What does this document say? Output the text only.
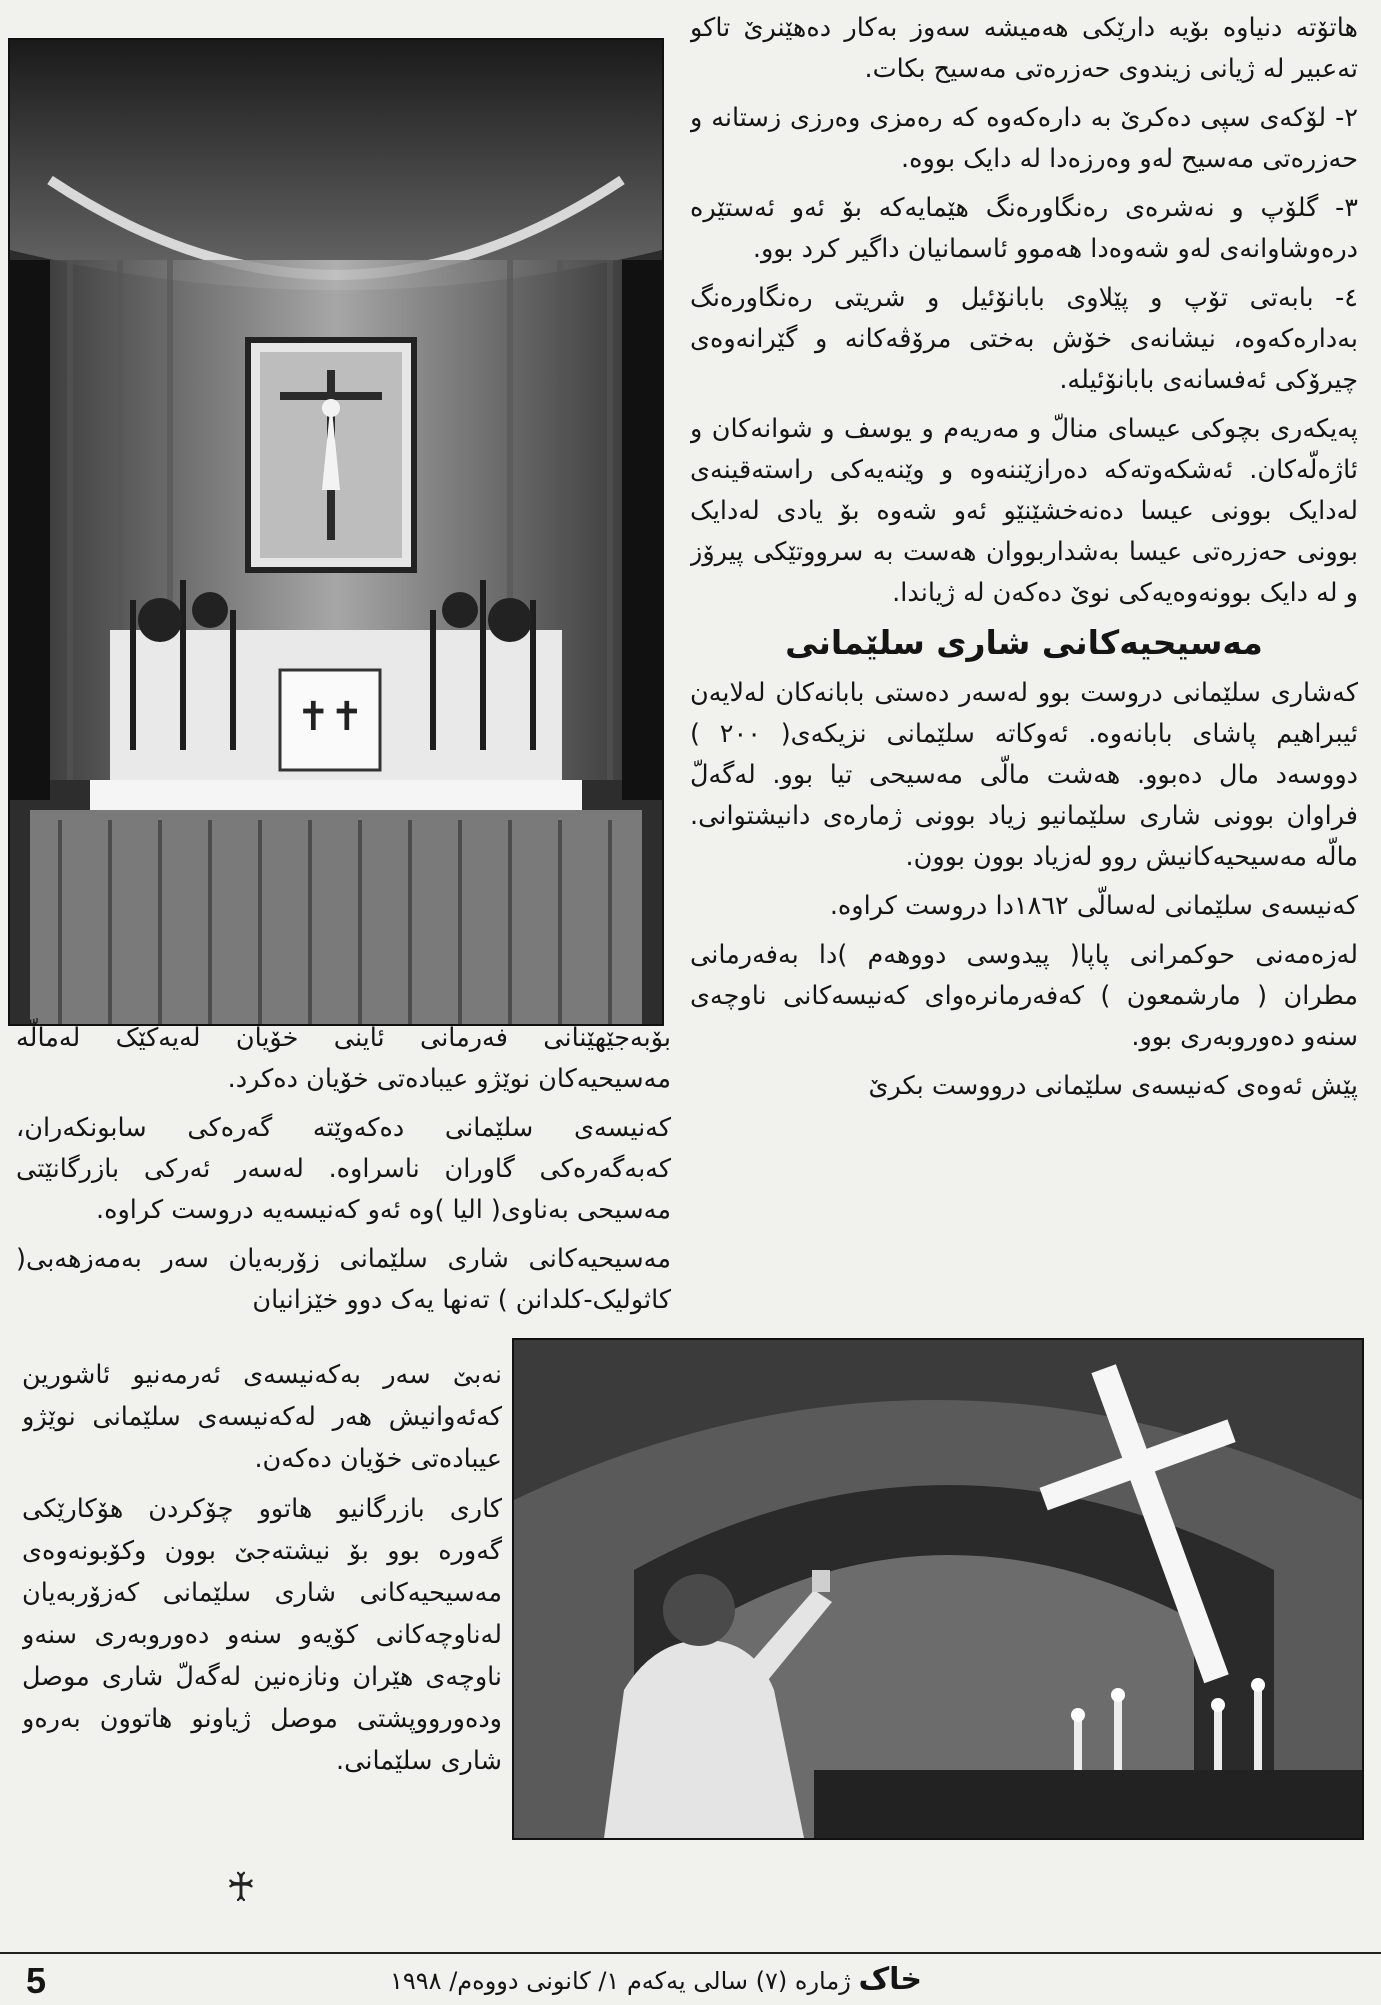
✝✝

هاتۆتە دنیاوە بۆیە دارێکی هەمیشە سەوز بەکار دەهێنرێ تاکو تەعبیر لە ژیانی زیندوی حەزرەتی مەسیح بکات.

٢- لۆکەی سپی دەکرێ بە دارەکەوە کە رەمزی وەرزی زستانە و حەزرەتی مەسیح لەو وەرزەدا لە دایک بووە.

٣- گلۆپ و نەشرەی رەنگاورەنگ هێمایەکە بۆ ئەو ئەستێرە درەوشاوانەی لەو شەوەدا هەموو ئاسمانیان داگیر کرد بوو.

٤- بابەتی تۆپ و پێلاوی بابانۆئیل و شریتی رەنگاورەنگ بەدارەکەوە، نیشانەی خۆش بەختی مرۆڤەکانە و گێرانەوەی چیرۆکی ئەفسانەی بابانۆئیلە.

پەیکەری بچوکی عیسای منالّ و مەریەم و یوسف و شوانەکان و ئاژەلّەکان. ئەشکەوتەکە دەرازێننەوە و وێنەیەکی راستەقینەی لەدایک بوونی عیسا دەنەخشێنێو ئەو شەوە بۆ یادی لەدایک بوونی حەزرەتی عیسا بەشداربووان هەست بە سرووتێکی پیرۆز و لە دایک بوونەوەیەکی نوێ دەکەن لە ژیاندا.

مەسیحیەکانی شاری سلێمانی

کەشاری سلێمانی دروست بوو لەسەر دەستی بابانەکان لەلایەن ئیبراهیم پاشای بابانەوە. ئەوکاتە سلێمانی نزیکەی( ٢٠٠ ) دووسەد مال دەبوو. هەشت مالّی مەسیحی تیا بوو. لەگەلّ فراوان بوونی شاری سلێمانیو زیاد بوونی ژمارەی دانیشتوانی. مالّە مەسیحیەکانیش روو لەزیاد بوون بوون.

کەنیسەی سلێمانی لەسالّی ١٨٦٢دا دروست کراوە.

لەزەمەنی حوکمرانی پاپا( پیدوسی دووهەم )دا بەفەرمانی مطران ( مارشمعون ) کەفەرمانرەوای کەنیسەکانی ناوچەی سنەو دەوروبەری بوو.

پێش ئەوەی کەنیسەی سلێمانی درووست بکرێ

بۆبەجێهێنانی فەرمانی ئاینی خۆیان لەیەکێک لەمالّە مەسیحیەکان نوێژو عیبادەتی خۆیان دەکرد.

کەنیسەی سلێمانی دەکەوێتە گەرەکی سابونکەران، کەبەگەرەکی گاوران ناسراوە. لەسەر ئەرکی بازرگانێتی مەسیحی بەناوی( الیا )وە ئەو کەنیسەیە دروست کراوە.

مەسیحیەکانی شاری سلێمانی زۆربەیان سەر بەمەزهەبی( کاثولیک-کلدانن ) تەنها یەک دوو خێزانیان

نەبێ سەر بەکەنیسەی ئەرمەنیو ئاشورین کەئەوانیش هەر لەکەنیسەی سلێمانی نوێژو عیبادەتی خۆیان دەکەن.

کاری بازرگانیو هاتوو چۆکردن هۆکارێکی گەورە بوو بۆ نیشتەجێ بوون وکۆبونەوەی مەسیحیەکانی شاری سلێمانی کەزۆربەیان لەناوچەکانی کۆیەو سنەو دەوروبەری سنەو ناوچەی هێران ونازەنین لەگەلّ شاری موصل ودەورووپشتی موصل ژیاونو هاتوون بەرەو شاری سلێمانی.

♰
5	خاک ژمارە (٧) سالی یەکەم ١/ کانونی دووەم/ ١٩٩٨
